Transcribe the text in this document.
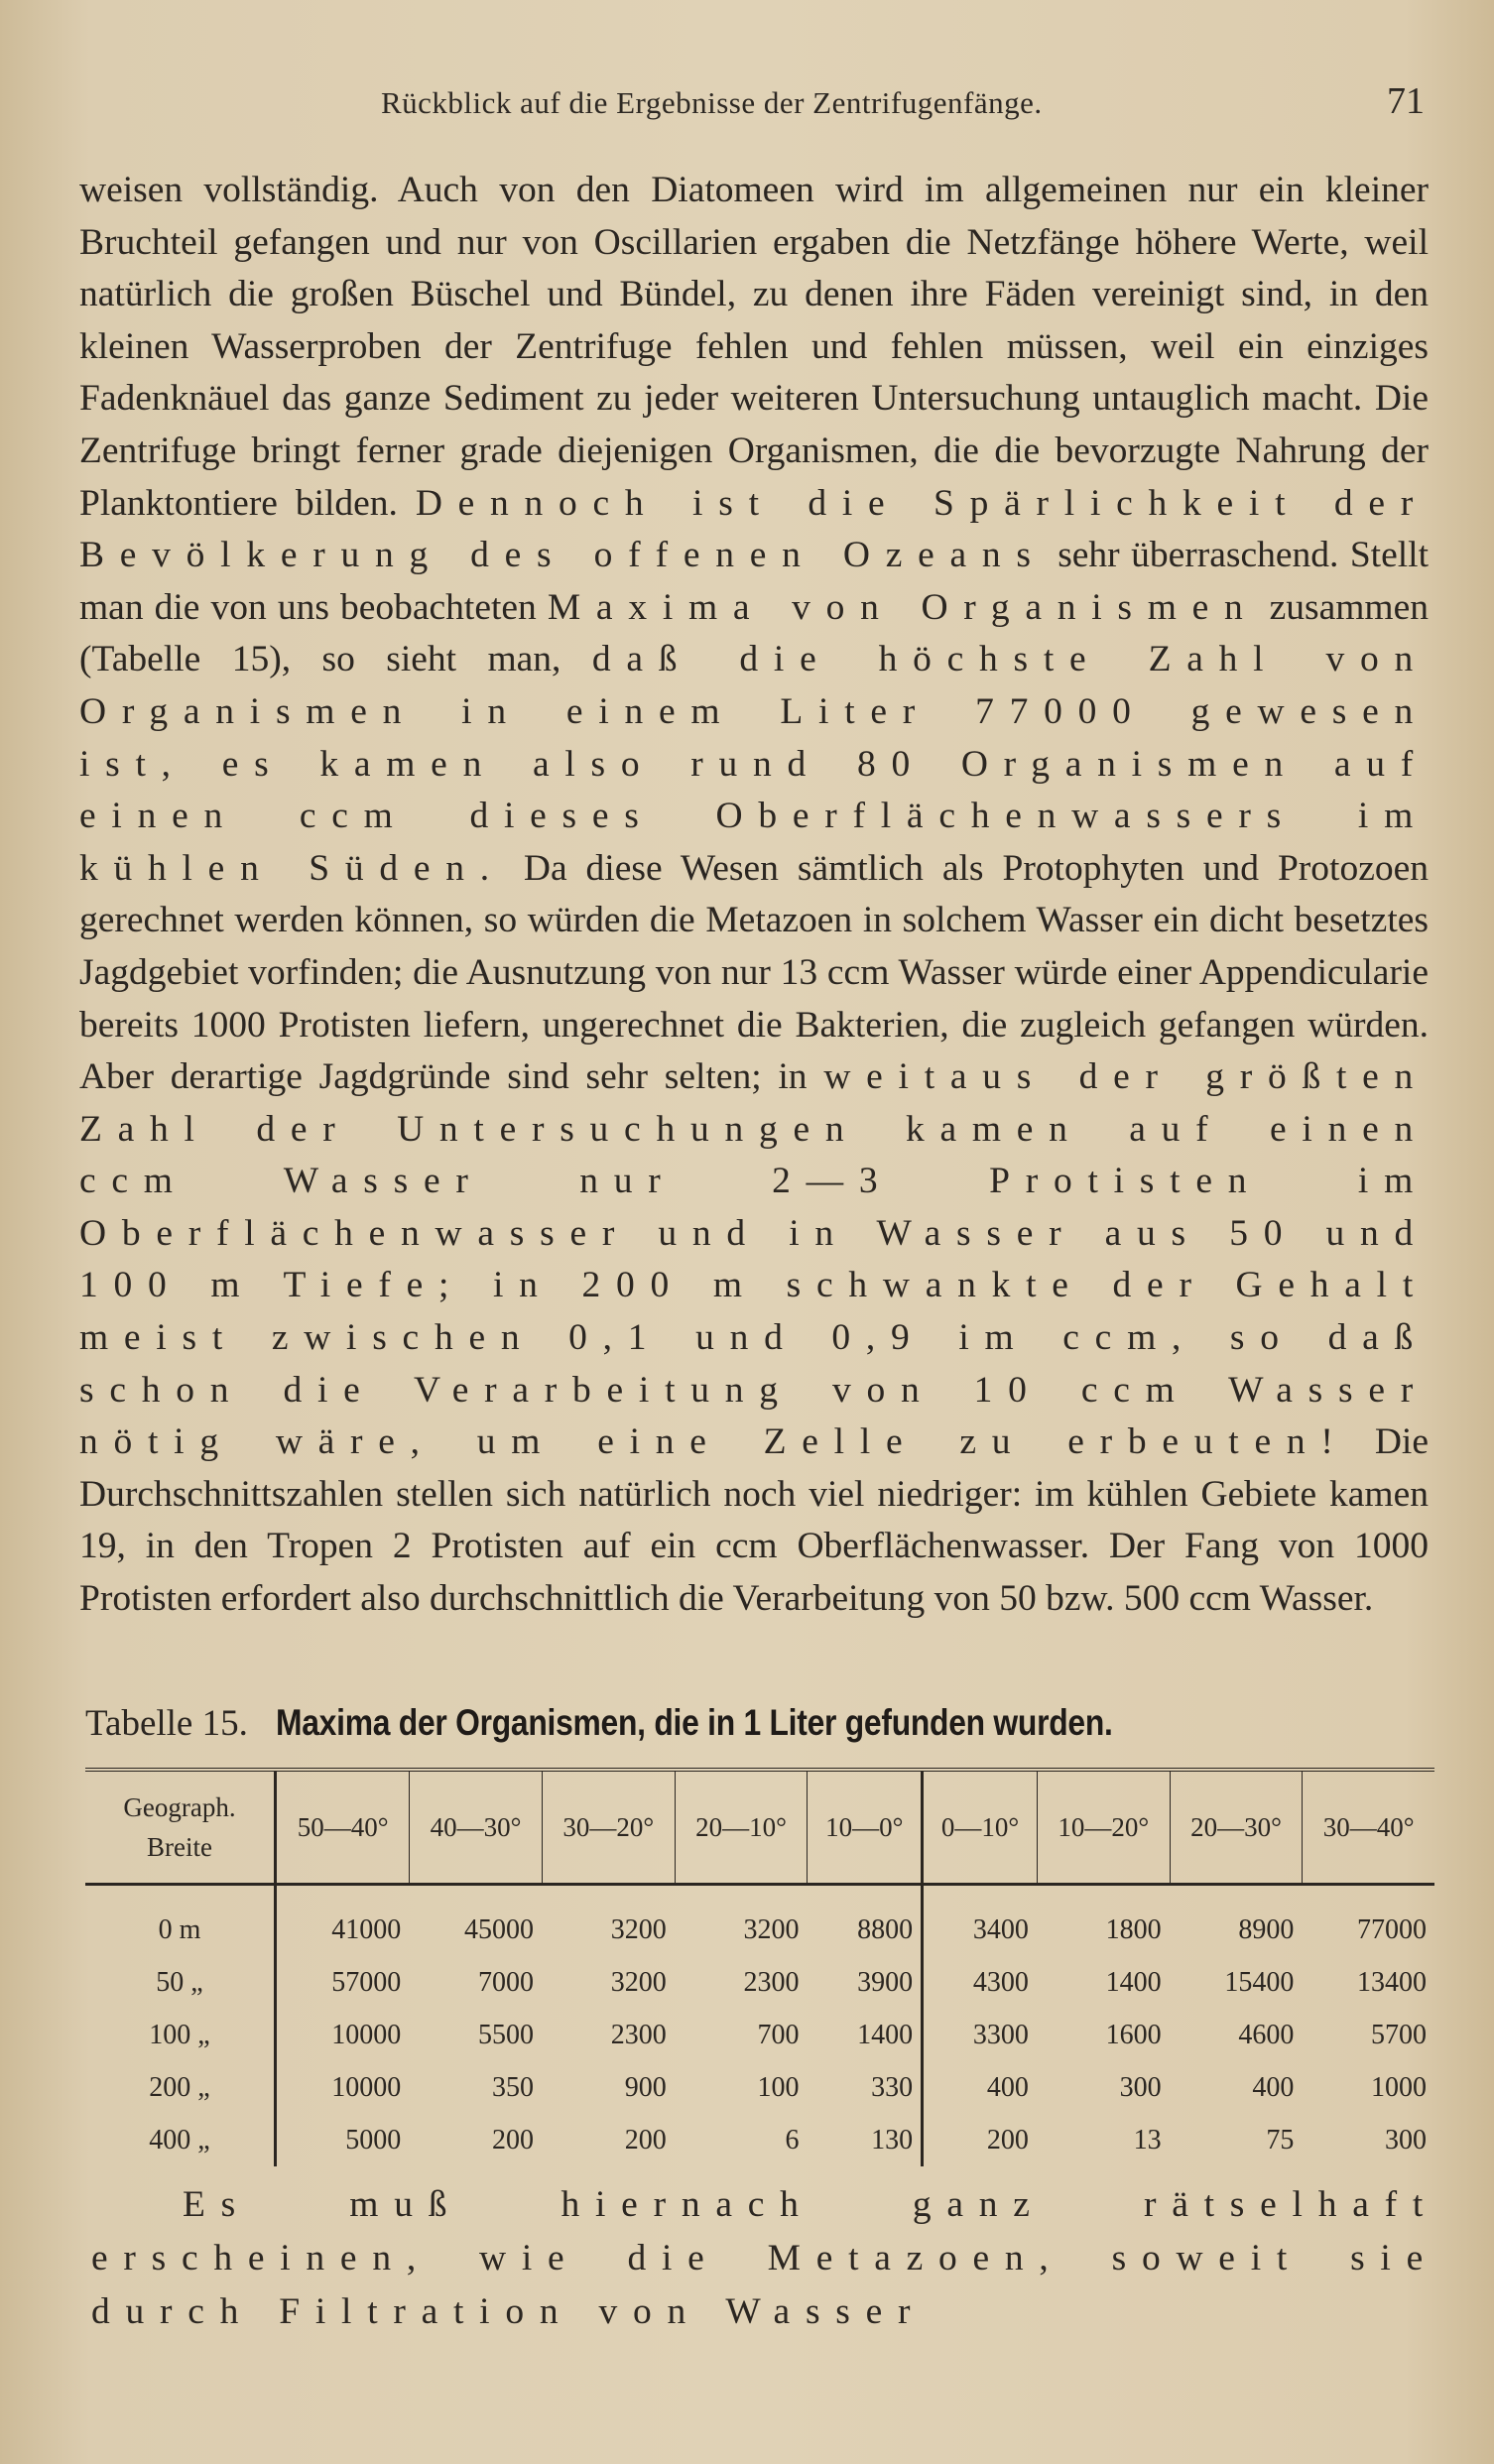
Rückblick auf die Ergebnisse der Zentrifugenfänge.	71

weisen vollständig. Auch von den Diatomeen wird im allgemeinen nur ein kleiner Bruchteil gefangen und nur von Oscillarien ergaben die Netzfänge höhere Werte, weil natürlich die großen Büschel und Bündel, zu denen ihre Fäden vereinigt sind, in den kleinen Wasserproben der Zentrifuge fehlen und fehlen müssen, weil ein einziges Fadenknäuel das ganze Sediment zu jeder weiteren Untersuchung untauglich macht. Die Zentrifuge bringt ferner grade diejenigen Organismen, die die bevorzugte Nahrung der Planktontiere bilden. Dennoch ist die Spärlichkeit der Bevölkerung des offenen Ozeans sehr überraschend. Stellt man die von uns beobachteten Maxima von Organismen zusammen (Tabelle 15), so sieht man, daß die höchste Zahl von Organismen in einem Liter 77000 gewesen ist, es kamen also rund 80 Organismen auf einen ccm dieses Oberflächenwassers im kühlen Süden. Da diese Wesen sämtlich als Protophyten und Protozoen gerechnet werden können, so würden die Metazoen in solchem Wasser ein dicht besetztes Jagdgebiet vorfinden; die Ausnutzung von nur 13 ccm Wasser würde einer Appendicularie bereits 1000 Protisten liefern, ungerechnet die Bakterien, die zugleich gefangen würden. Aber derartige Jagdgründe sind sehr selten; in weitaus der größten Zahl der Untersuchungen kamen auf einen ccm Wasser nur 2—3 Protisten im Oberflächenwasser und in Wasser aus 50 und 100 m Tiefe; in 200 m schwankte der Gehalt meist zwischen 0,1 und 0,9 im ccm, so daß schon die Verarbeitung von 10 ccm Wasser nötig wäre, um eine Zelle zu erbeuten! Die Durchschnittszahlen stellen sich natürlich noch viel niedriger: im kühlen Gebiete kamen 19, in den Tropen 2 Protisten auf ein ccm Oberflächenwasser. Der Fang von 1000 Protisten erfordert also durchschnittlich die Verarbeitung von 50 bzw. 500 ccm Wasser.

Tabelle 15. Maxima der Organismen, die in 1 Liter gefunden wurden.
Geograph.
Breite	50—40°	40—30°	30—20°	20—10°	10—0°	0—10°	10—20°	20—30°	30—40°
0 m	41000	45000	3200	3200	8800	3400	1800	8900	77000
50 „	57000	7000	3200	2300	3900	4300	1400	15400	13400
100 „	10000	5500	2300	700	1400	3300	1600	4600	5700
200 „	10000	350	900	100	330	400	300	400	1000
400 „	5000	200	200	6	130	200	13	75	300

Es muß hiernach ganz rätselhaft erscheinen, wie die Metazoen, soweit sie durch Filtration von Wasser
